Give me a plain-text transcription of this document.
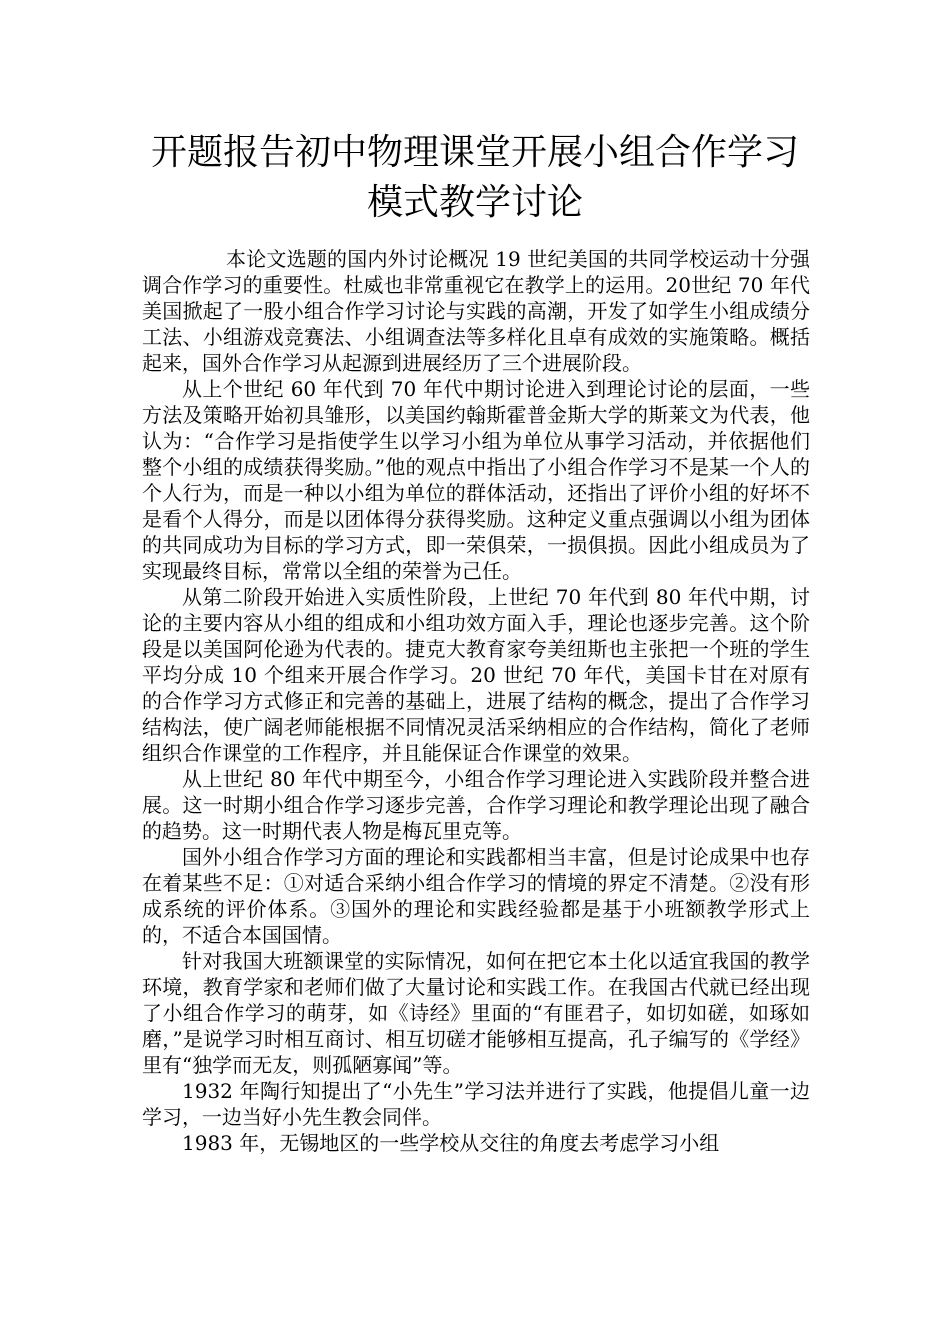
开题报告初中物理课堂开展小组合作学习
模式教学讨论

本论文选题的国内外讨论概况 19 世纪美国的共同学校运动十分强调合作学习的重要性。杜威也非常重视它在教学上的运用。20世纪 70 年代美国掀起了一股小组合作学习讨论与实践的高潮，开发了如学生小组成绩分工法、小组游戏竞赛法、小组调查法等多样化且卓有成效的实施策略。概括起来，国外合作学习从起源到进展经历了三个进展阶段。

从上个世纪 60 年代到 70 年代中期讨论进入到理论讨论的层面，一些方法及策略开始初具雏形，以美国约翰斯霍普金斯大学的斯莱文为代表，他认为：“合作学习是指使学生以学习小组为单位从事学习活动，并依据他们整个小组的成绩获得奖励。”他的观点中指出了小组合作学习不是某一个人的个人行为，而是一种以小组为单位的群体活动，还指出了评价小组的好坏不是看个人得分，而是以团体得分获得奖励。这种定义重点强调以小组为团体的共同成功为目标的学习方式，即一荣俱荣，一损俱损。因此小组成员为了实现最终目标，常常以全组的荣誉为己任。

从第二阶段开始进入实质性阶段，上世纪 70 年代到 80 年代中期，讨论的主要内容从小组的组成和小组功效方面入手，理论也逐步完善。这个阶段是以美国阿伦逊为代表的。捷克大教育家夸美纽斯也主张把一个班的学生平均分成 10 个组来开展合作学习。20 世纪 70 年代，美国卡甘在对原有的合作学习方式修正和完善的基础上，进展了结构的概念，提出了合作学习结构法，使广阔老师能根据不同情况灵活采纳相应的合作结构，简化了老师组织合作课堂的工作程序，并且能保证合作课堂的效果。

从上世纪 80 年代中期至今，小组合作学习理论进入实践阶段并整合进展。这一时期小组合作学习逐步完善，合作学习理论和教学理论出现了融合的趋势。这一时期代表人物是梅瓦里克等。

国外小组合作学习方面的理论和实践都相当丰富，但是讨论成果中也存在着某些不足：①对适合采纳小组合作学习的情境的界定不清楚。②没有形成系统的评价体系。③国外的理论和实践经验都是基于小班额教学形式上的，不适合本国国情。

针对我国大班额课堂的实际情况，如何在把它本土化以适宜我国的教学环境，教育学家和老师们做了大量讨论和实践工作。在我国古代就已经出现了小组合作学习的萌芽，如《诗经》里面的“有匪君子，如切如磋，如琢如磨，”是说学习时相互商讨、相互切磋才能够相互提高，孔子编写的《学经》里有“独学而无友，则孤陋寡闻”等。

1932 年陶行知提出了“小先生”学习法并进行了实践，他提倡儿童一边学习，一边当好小先生教会同伴。

1983 年，无锡地区的一些学校从交往的角度去考虑学习小组
